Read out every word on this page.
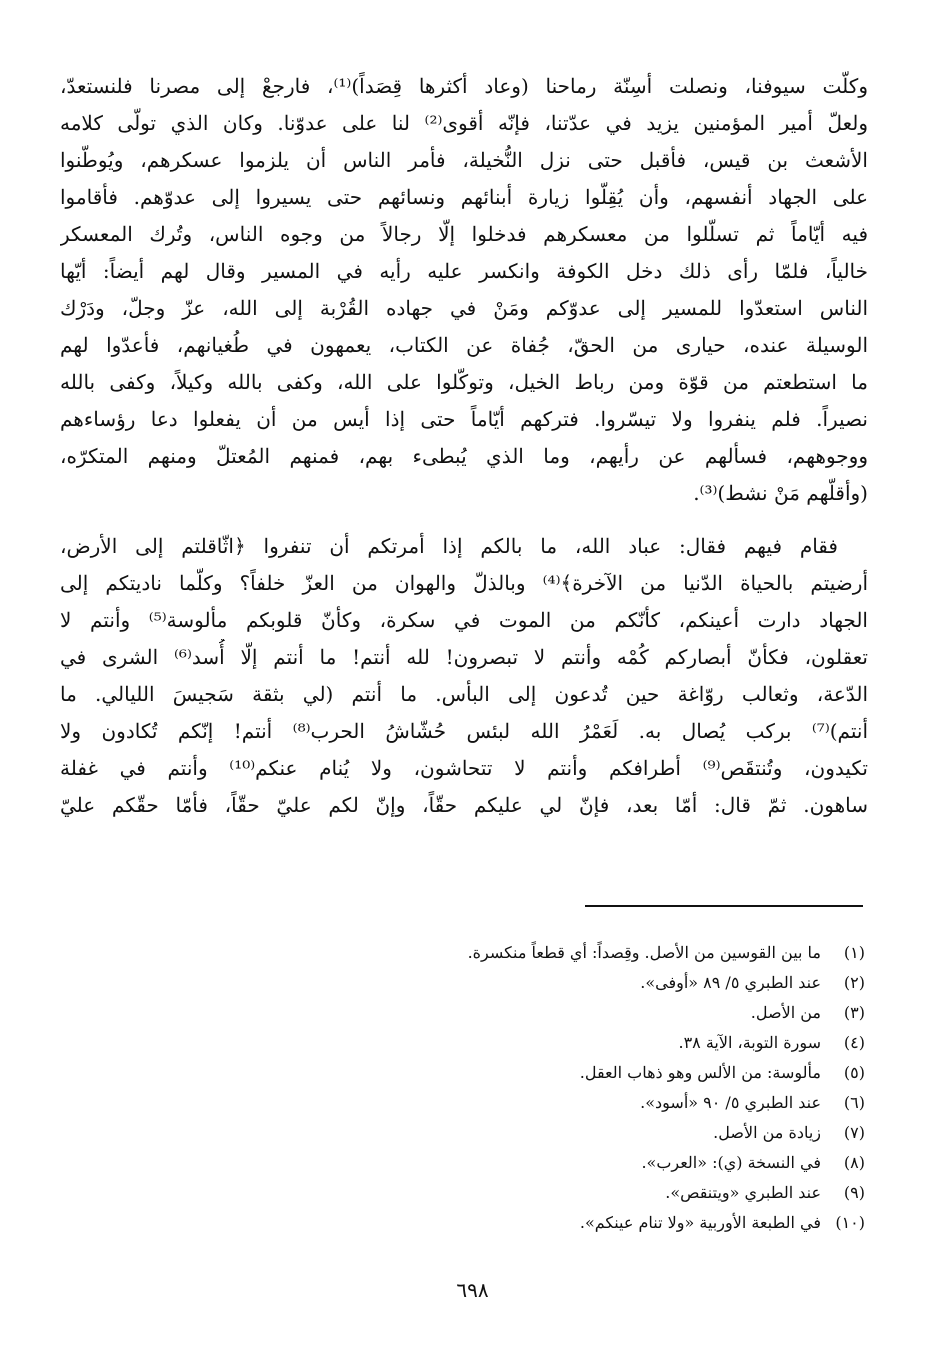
وكلّت سيوفنا، ونصلت أسِنّة رماحنا (وعاد أكثرها قِصَداً)⁽¹⁾، فارجعْ إلى مصرنا فلنستعدّ،
ولعلّ أمير المؤمنين يزيد في عدّتنا، فإنّه أقوى⁽²⁾ لنا على عدوّنا. وكان الذي تولّى كلامه
الأشعث بن قيس، فأقبل حتى نزل النُّخيلة، فأمر الناس أن يلزموا عسكرهم، ويُوطّنوا
على الجهاد أنفسهم، وأن يُقِلّوا زيارة أبنائهم ونسائهم حتى يسيروا إلى عدوّهم. فأقاموا
فيه أيّاماً ثم تسلّلوا من معسكرهم فدخلوا إلّا رجالاً من وجوه الناس، وتُرك المعسكر
خالياً، فلمّا رأى ذلك دخل الكوفة وانكسر عليه رأيه في المسير وقال لهم أيضاً: أيّها
الناس استعدّوا للمسير إلى عدوّكم ومَنْ في جهاده القُرْبة إلى الله، عزّ وجلّ، ودَرْك
الوسيلة عنده، حيارى من الحقّ، جُفاة عن الكتاب، يعمهون في طُغيانهم، فأعدّوا لهم
ما استطعتم من قوّة ومن رباط الخيل، وتوكّلوا على الله، وكفى بالله وكيلاً، وكفى بالله
نصيراً. فلم ينفروا ولا تيسّروا. فتركهم أيّاماً حتى إذا أيس من أن يفعلوا دعا رؤساءهم
ووجوههم، فسألهم عن رأيهم، وما الذي يُبطىء بهم، فمنهم المُعتلّ ومنهم المتكرّه،
(وأقلّهم مَنْ نشط)⁽³⁾.
فقام فيهم فقال: عباد الله، ما بالكم إذا أمرتكم أن تنفروا ﴿اثّاقلتم إلى الأرض،
أرضيتم بالحياة الدّنيا من الآخرة﴾⁽⁴⁾ وبالذلّ والهوان من العزّ خلفاً؟ وكلّما ناديتكم إلى
الجهاد دارت أعينكم، كأنّكم من الموت في سكرة، وكأنّ قلوبكم مألوسة⁽⁵⁾ وأنتم لا
تعقلون، فكأنّ أبصاركم كُمْه وأنتم لا تبصرون! لله أنتم! ما أنتم إلّا أُسد⁽⁶⁾ الشرى في
الدّعة، وثعالب روّاغة حين تُدعون إلى البأس. ما أنتم (لي بثقة سَجيسَ الليالي. ما
أنتم)⁽⁷⁾ بركب يُصال به. لَعَمْرُ الله لبئس حُشّاشُ الحرب⁽⁸⁾ أنتم! إنّكم تُكادون ولا
تكيدون، وتُنتقَص⁽⁹⁾ أطرافكم وأنتم لا تتحاشون، ولا يُنام عنكم⁽¹⁰⁾ وأنتم في غفلة
ساهون. ثمّ قال: أمّا بعد، فإنّ لي عليكم حقّاً، وإنّ لكم عليّ حقّاً، فأمّا حقّكم عليّ
(١)
ما بين القوسين من الأصل. وقِصداً: أي قطعاً منكسرة.
(٢)
عند الطبري ٥/ ٨٩ «أوفى».
(٣)
من الأصل.
(٤)
سورة التوبة، الآية ٣٨.
(٥)
مألوسة: من الألس وهو ذهاب العقل.
(٦)
عند الطبري ٥/ ٩٠ «أسود».
(٧)
زيادة من الأصل.
(٨)
في النسخة (ي): «العرب».
(٩)
عند الطبري «ويتنقص».
(١٠)
في الطبعة الأوربية «ولا تنام عينكم».
٦٩٨
